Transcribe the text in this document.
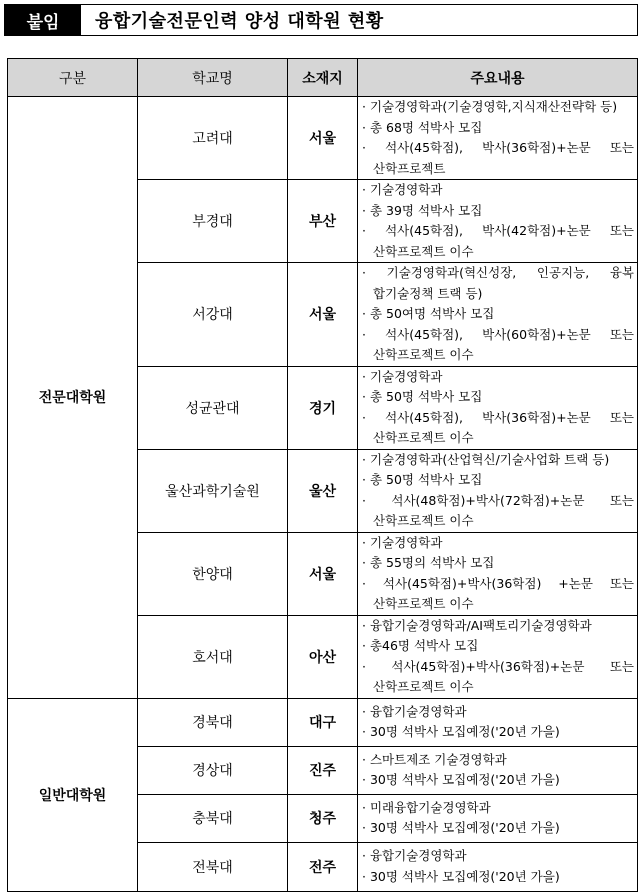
붙임	융합기술전문인력 양성 대학원 현황
구분	학교명	소재지	주요내용
전문대학원	고려대	서울	· 기술경영학과(기술경영학,지식재산전략학 등)
· 총 68명 석박사 모집
· 석사(45학점), 박사(36학점)+논문 또는
산학프로젝트

	부경대	부산	· 기술경영학과
· 총 39명 석박사 모집
· 석사(45학점), 박사(42학점)+논문 또는
산학프로젝트 이수

	서강대	서울	· 기술경영학과(혁신성장, 인공지능, 융복
합기술정책 트랙 등)
· 총 50여명 석박사 모집
· 석사(45학점), 박사(60학점)+논문 또는
산학프로젝트 이수

	성균관대	경기	· 기술경영학과
· 총 50명 석박사 모집
· 석사(45학점), 박사(36학점)+논문 또는
산학프로젝트 이수

	울산과학기술원	울산	· 기술경영학과(산업혁신/기술사업화 트랙 등)
· 총 50명 석박사 모집
· 석사(48학점)+박사(72학점)+논문 또는
산학프로젝트 이수

	한양대	서울	· 기술경영학과
· 총 55명의 석박사 모집
· 석사(45학점)+박사(36학점) +논문 또는
산학프로젝트 이수

	호서대	아산	· 융합기술경영학과/AI팩토리기술경영학과
· 총46명 석박사 모집
· 석사(45학점)+박사(36학점)+논문 또는
산학프로젝트 이수

일반대학원	경북대	대구	· 융합기술경영학과
· 30명 석박사 모집예정('20년 가을)

	경상대	진주	· 스마트제조 기술경영학과
· 30명 석박사 모집예정('20년 가을)

	충북대	청주	· 미래융합기술경영학과
· 30명 석박사 모집예정('20년 가을)

	전북대	전주	· 융합기술경영학과
· 30명 석박사 모집예정('20년 가을)
